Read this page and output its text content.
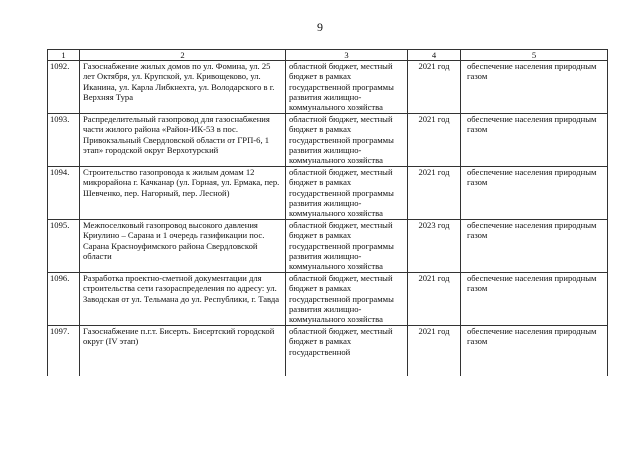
9
1	2	3	4	5
1092.	Газоснабжение жилых домов по ул. Фомина, ул. 25 лет Октября, ул. Крупской, ул. Кривощеково, ул. Иканина, ул. Карла Либкнехта, ул. Володарского в г. Верхняя Тура	областной бюджет, местный бюджет в рамках государственной программы развития жилищно-коммунального хозяйства	2021 год	обеспечение населения природным газом
1093.	Распределительный газопровод для газоснабжения части жилого района «Район-ИК-53 в пос. Привокзальный Свердловской области от ГРП-6, 1 этап» городской округ Верхотурский	областной бюджет, местный бюджет в рамках государственной программы развития жилищно-коммунального хозяйства	2021 год	обеспечение населения природным газом
1094.	Строительство газопровода к жилым домам 12 микрорайона г. Качканар (ул. Горная, ул. Ермака, пер. Шевченко, пер. Нагорный, пер. Лесной)	областной бюджет, местный бюджет в рамках государственной программы развития жилищно-коммунального хозяйства	2021 год	обеспечение населения природным газом
1095.	Межпоселковый газопровод высокого давления Криулино – Сарана и 1 очередь газификации пос. Сарана Красноуфимского района Свердловской области	областной бюджет, местный бюджет в рамках государственной программы развития жилищно-коммунального хозяйства	2023 год	обеспечение населения природным газом
1096.	Разработка проектно-сметной документации для строительства сети газораспределения по адресу: ул. Заводская от ул. Тельмана до ул. Республики, г. Тавда	областной бюджет, местный бюджет в рамках государственной программы развития жилищно-коммунального хозяйства	2021 год	обеспечение населения природным газом
1097.	Газоснабжение п.г.т. Бисерть. Бисертский городской округ (IV этап)	областной бюджет, местный бюджет в рамках государственной	2021 год	обеспечение населения природным газом
